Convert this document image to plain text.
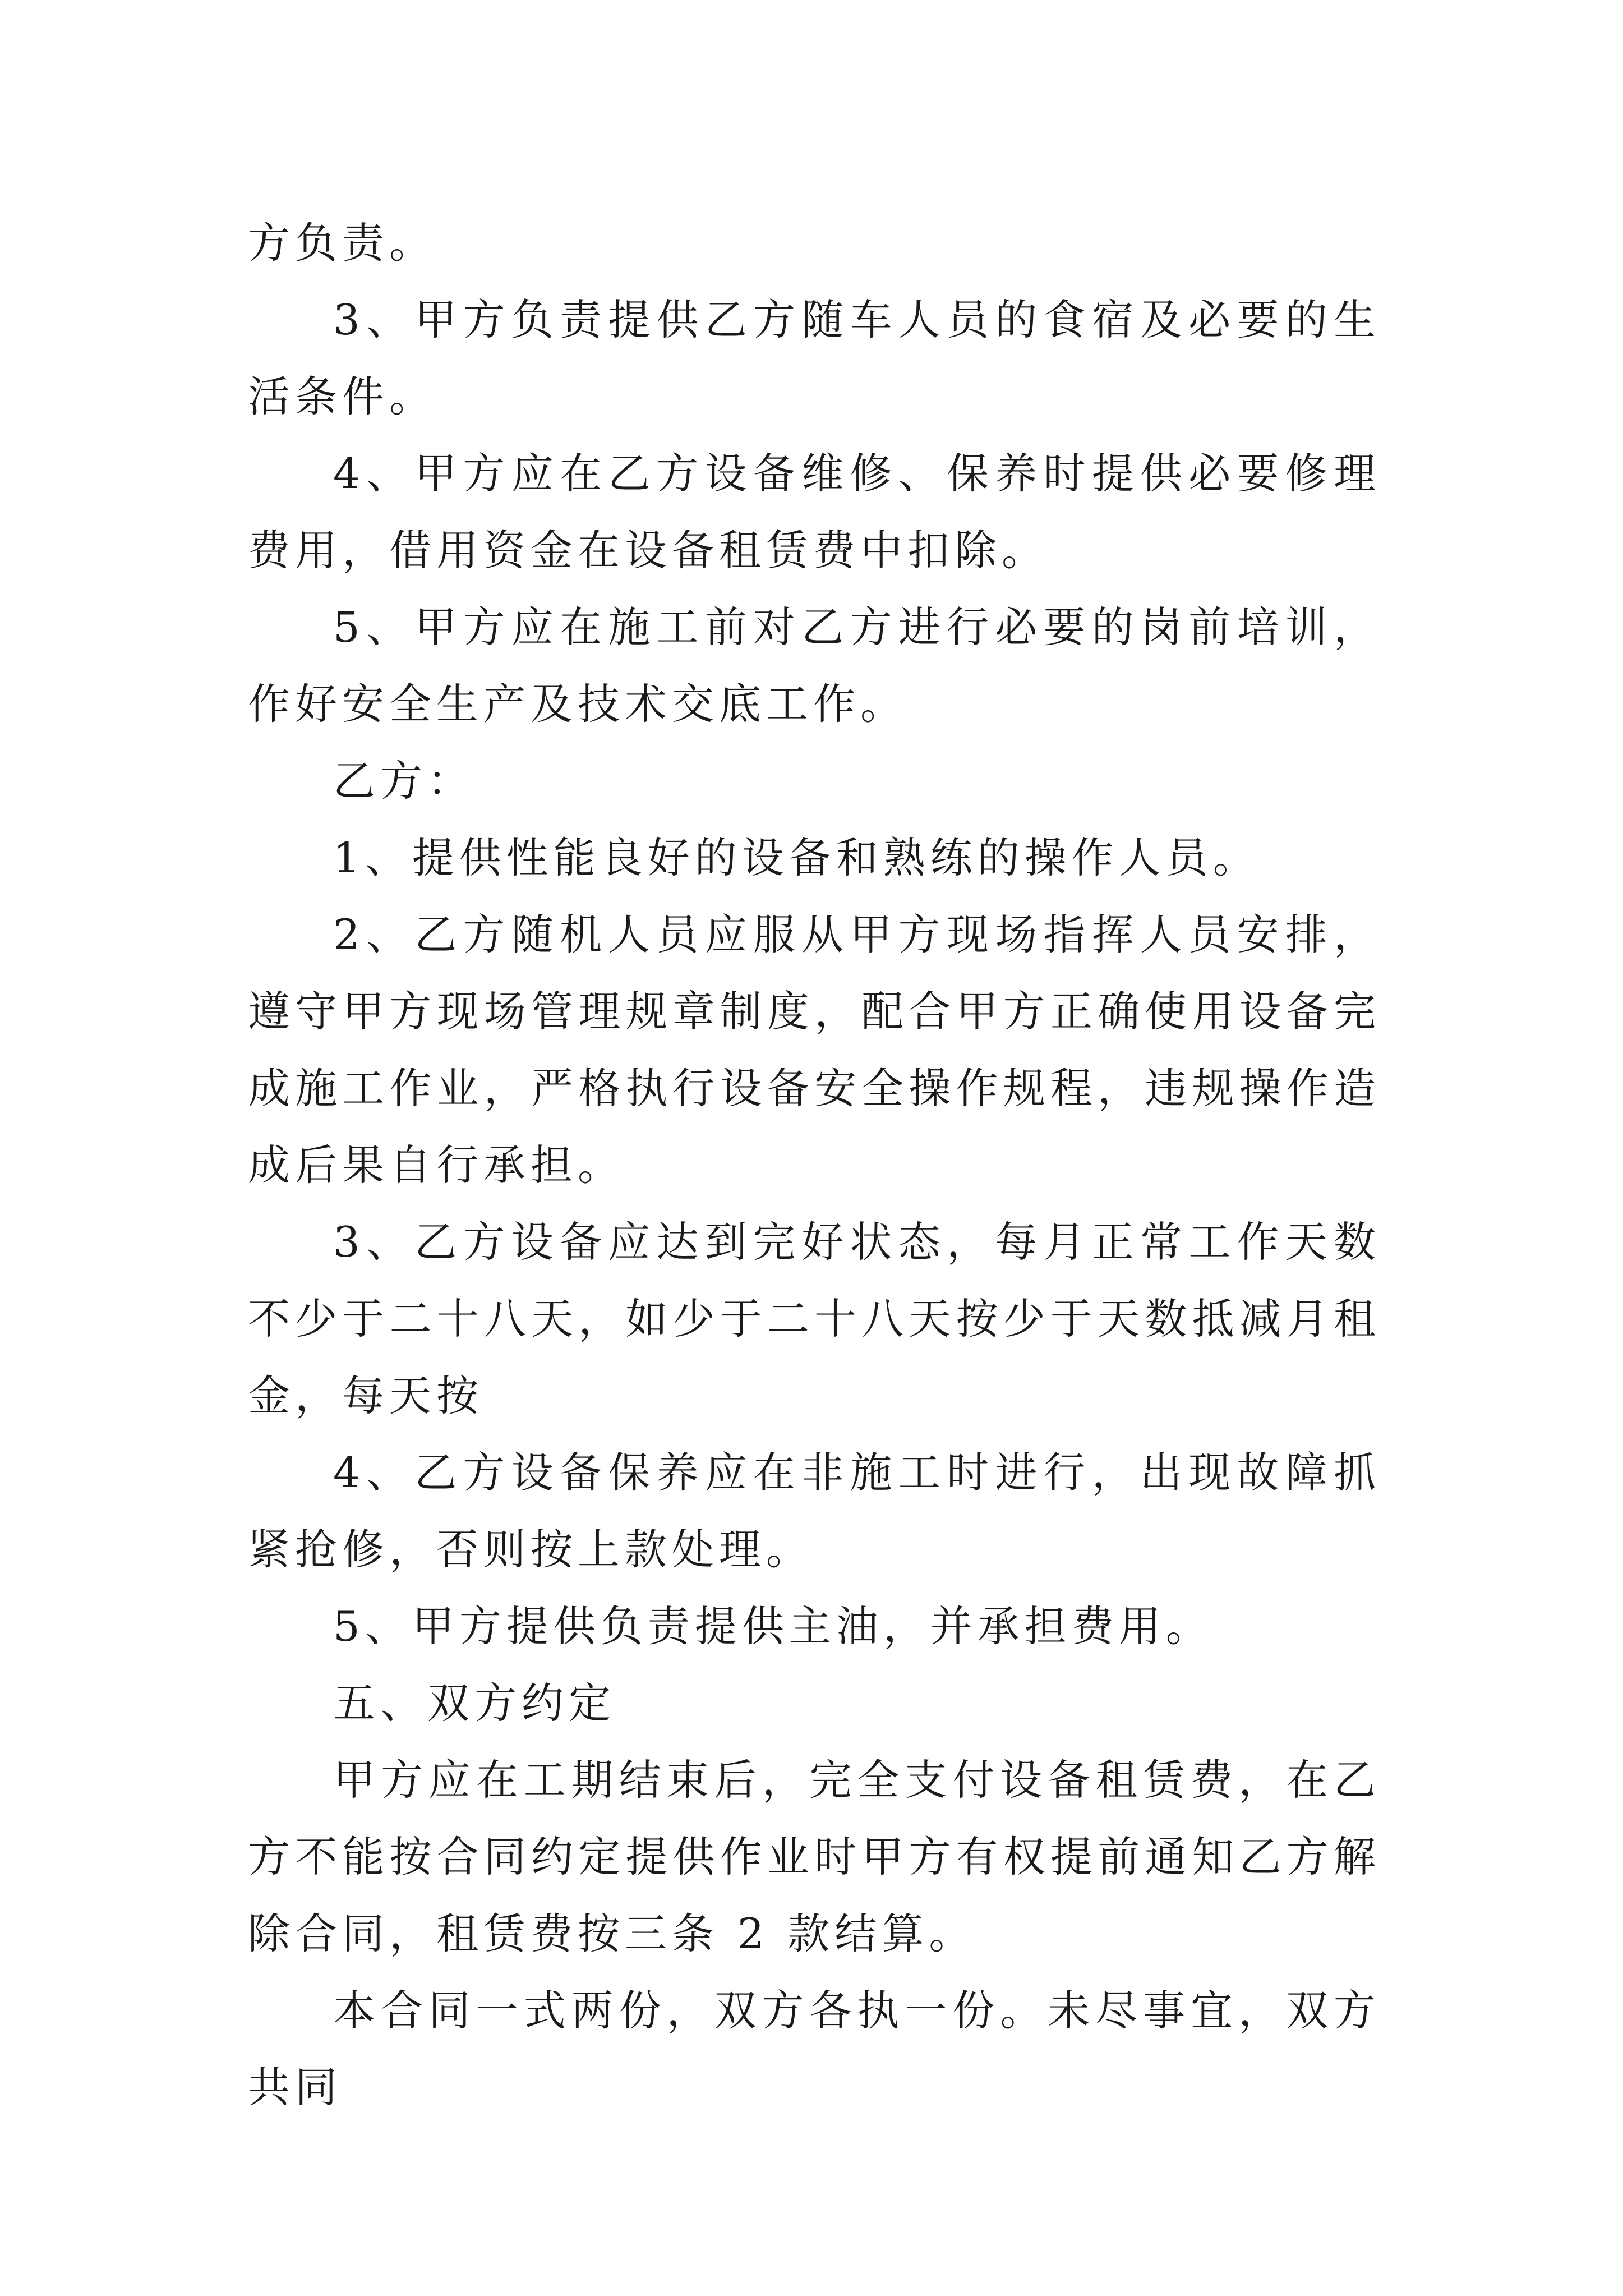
方负责。

3、甲方负责提供乙方随车人员的食宿及必要的生活条件。

4、甲方应在乙方设备维修、保养时提供必要修理费用，借用资金在设备租赁费中扣除。

5、甲方应在施工前对乙方进行必要的岗前培训，作好安全生产及技术交底工作。

乙方：

1、提供性能良好的设备和熟练的操作人员。

2、乙方随机人员应服从甲方现场指挥人员安排，遵守甲方现场管理规章制度，配合甲方正确使用设备完成施工作业，严格执行设备安全操作规程，违规操作造成后果自行承担。

3、乙方设备应达到完好状态，每月正常工作天数不少于二十八天，如少于二十八天按少于天数抵减月租金，每天按

4、乙方设备保养应在非施工时进行，出现故障抓紧抢修，否则按上款处理。

5、甲方提供负责提供主油，并承担费用。

五、双方约定

甲方应在工期结束后，完全支付设备租赁费，在乙方不能按合同约定提供作业时甲方有权提前通知乙方解除合同，租赁费按三条 2 款结算。

本合同一式两份，双方各执一份。未尽事宜，双方共同
